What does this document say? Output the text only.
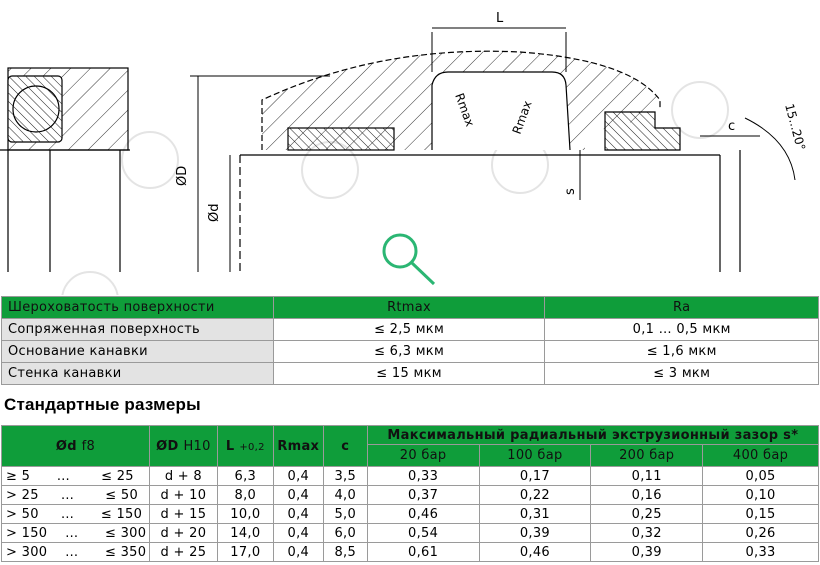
L
c
s
ØD
Ød
Rmax	Rmax	15...20°
Шероховатость поверхности	Rtmax	Ra
Сопряженная поверхность	≤ 2,5 мкм	0,1 … 0,5 мкм
Основание канавки	≤ 6,3 мкм	≤ 1,6 мкм
Стенка канавки	≤ 15 мкм	≤ 3 мкм
Стандартные размеры
Ød f8	ØD H10	L +0,2	Rmax	c	Максимальный радиальный экструзионный зазор s*			
					20 бар	100 бар	200 бар	400 бар
≥ 5      …       ≤ 25	d + 8	6,3	0,4	3,5	0,33	0,17	0,11	0,05
> 25     …       ≤ 50	d + 10	8,0	0,4	4,0	0,37	0,22	0,16	0,10
> 50     …      ≤ 150	d + 15	10,0	0,4	5,0	0,46	0,31	0,25	0,15
> 150    …      ≤ 300	d + 20	14,0	0,4	6,0	0,54	0,39	0,32	0,26
> 300    …      ≤ 350	d + 25	17,0	0,4	8,5	0,61	0,46	0,39	0,33
